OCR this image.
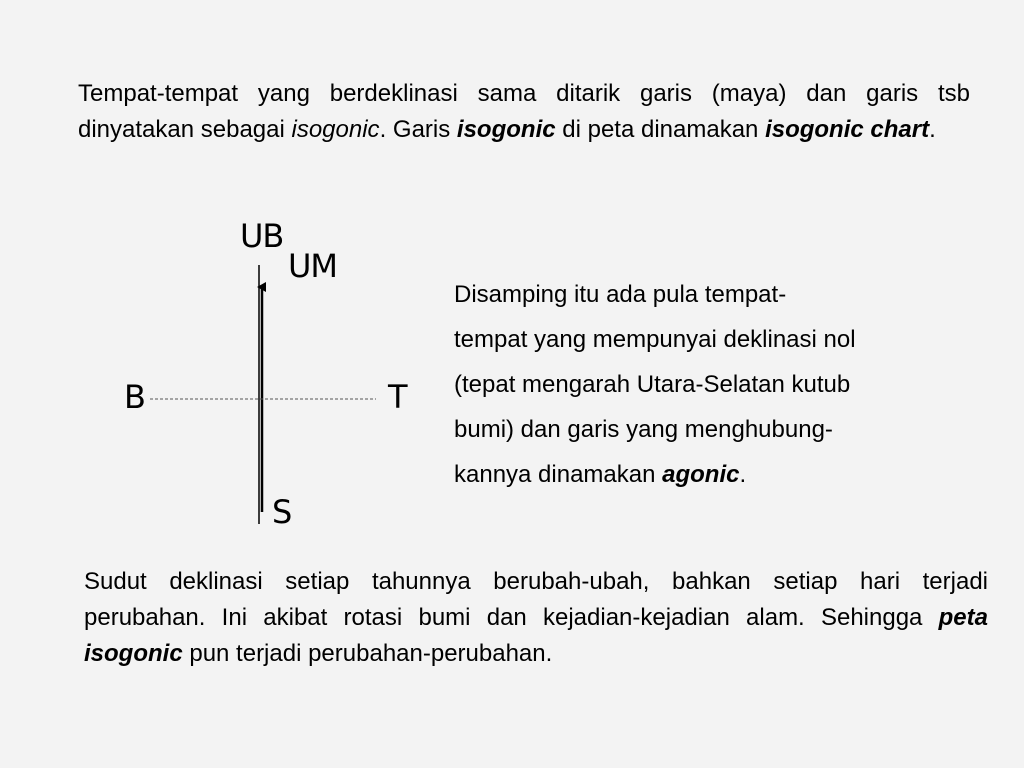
Tempat-tempat yang berdeklinasi sama ditarik garis (maya) dan garis tsb dinyatakan sebagai isogonic. Garis isogonic di peta dinamakan isogonic chart.

UB
UM
B	T
S

Disamping itu ada pula tempat-
tempat yang mempunyai deklinasi nol
(tepat mengarah Utara-Selatan kutub
bumi) dan garis yang menghubung-
kannya dinamakan agonic.

Sudut deklinasi setiap tahunnya berubah-ubah, bahkan setiap hari terjadi perubahan. Ini akibat rotasi bumi dan kejadian-kejadian alam. Sehingga peta isogonic pun terjadi perubahan-perubahan.
